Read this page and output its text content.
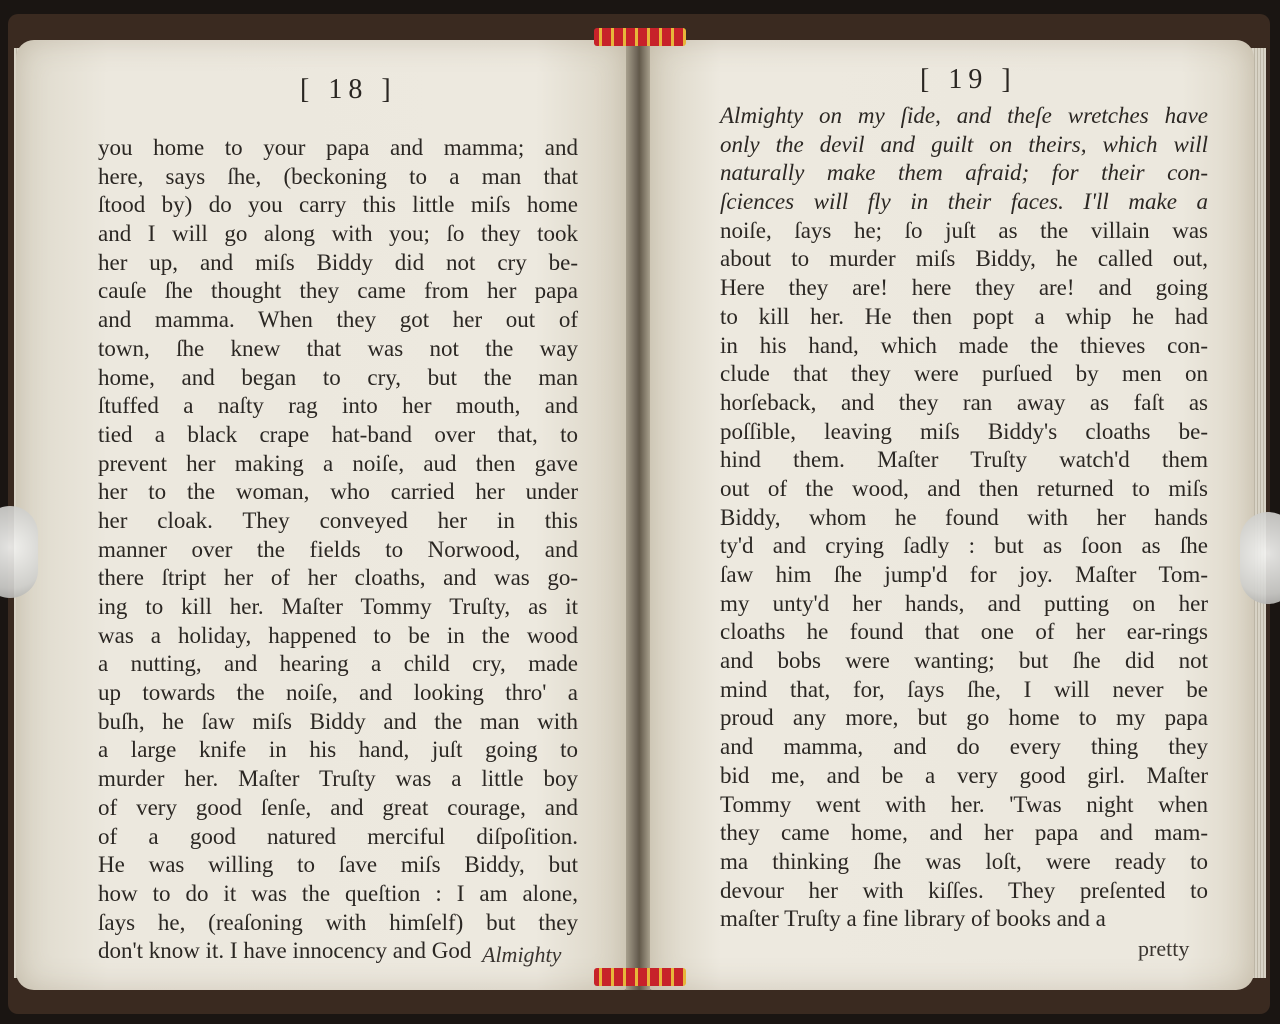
[ 18 ]
you home to your papa and mamma; and
here, says ſhe, (beckoning to a man that
ſtood by) do you carry this little miſs home
and I will go along with you; ſo they took
her up, and miſs Biddy did not cry be-
cauſe ſhe thought they came from her papa
and mamma. When they got her out of
town, ſhe knew that was not the way
home, and began to cry, but the man
ſtuffed a naſty rag into her mouth, and
tied a black crape hat-band over that, to
prevent her making a noiſe, aud then gave
her to the woman, who carried her under
her cloak. They conveyed her in this
manner over the fields to Norwood, and
there ſtript her of her cloaths, and was go-
ing to kill her. Maſter Tommy Truſty, as it
was a holiday, happened to be in the wood
a nutting, and hearing a child cry, made
up towards the noiſe, and looking thro' a
buſh, he ſaw miſs Biddy and the man with
a large knife in his hand, juſt going to
murder her. Maſter Truſty was a little boy
of very good ſenſe, and great courage, and
of a good natured merciful diſpoſition.
He was willing to ſave miſs Biddy, but
how to do it was the queſtion : I am alone,
ſays he, (reaſoning with himſelf) but they
don't know it. I have innocency and God Almighty
[ 19 ]
Almighty on my ſide, and theſe wretches have
only the devil and guilt on theirs, which will
naturally make them afraid; for their con-
ſciences will fly in their faces. I'll make a
noiſe, ſays he; ſo juſt as the villain was
about to murder miſs Biddy, he called out,
Here they are! here they are! and going
to kill her. He then popt a whip he had
in his hand, which made the thieves con-
clude that they were purſued by men on
horſeback, and they ran away as faſt as
poſſible, leaving miſs Biddy's cloaths be-
hind them. Maſter Truſty watch'd them
out of the wood, and then returned to miſs
Biddy, whom he found with her hands
ty'd and crying ſadly : but as ſoon as ſhe
ſaw him ſhe jump'd for joy. Maſter Tom-
my unty'd her hands, and putting on her
cloaths he found that one of her ear-rings
and bobs were wanting; but ſhe did not
mind that, for, ſays ſhe, I will never be
proud any more, but go home to my papa
and mamma, and do every thing they
bid me, and be a very good girl. Maſter
Tommy went with her. 'Twas night when
they came home, and her papa and mam-
ma thinking ſhe was loſt, were ready to
devour her with kiſſes. They preſented to
maſter Truſty a fine library of books and a
pretty
